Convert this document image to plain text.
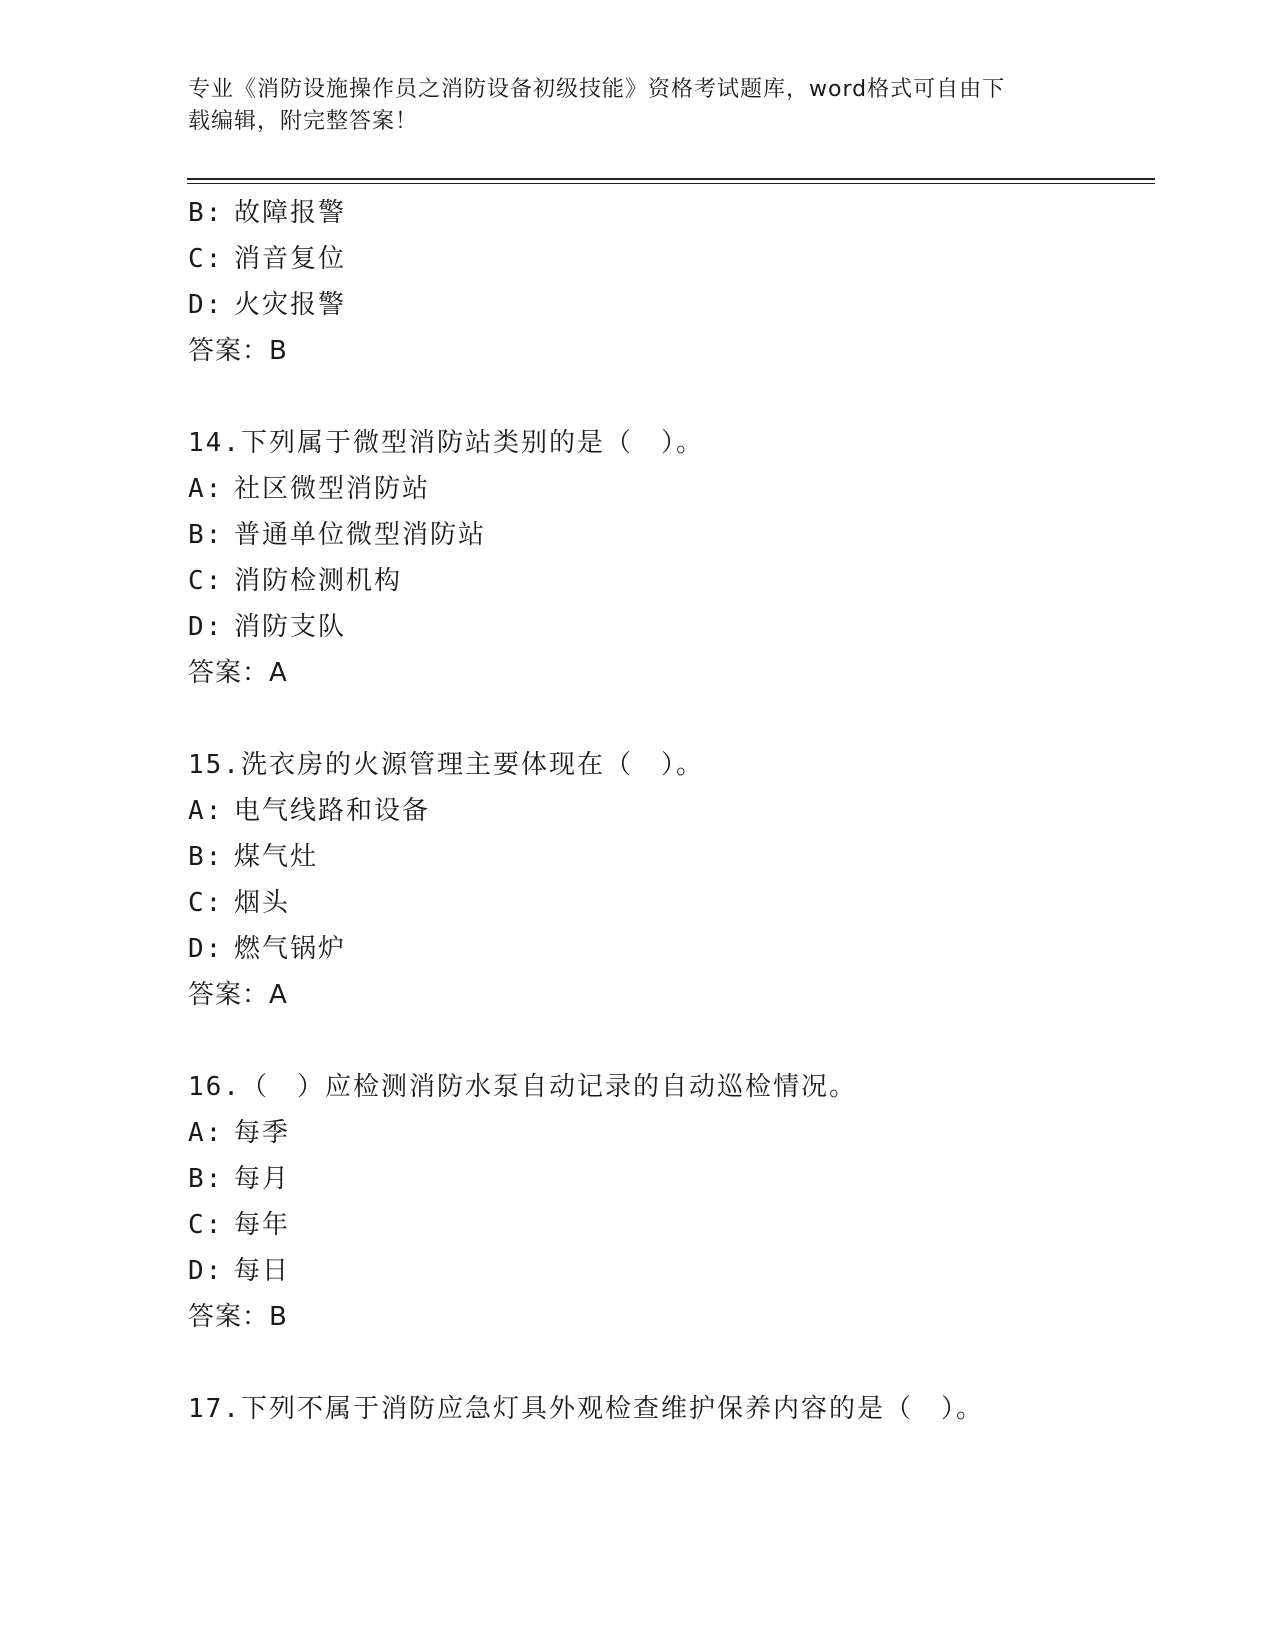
专业《消防设施操作员之消防设备初级技能》资格考试题库，word格式可自由下
载编辑，附完整答案！
B: 故障报警
C: 消音复位
D: 火灾报警
答案：B
14.下列属于微型消防站类别的是（　）。
A: 社区微型消防站
B: 普通单位微型消防站
C: 消防检测机构
D: 消防支队
答案：A
15.洗衣房的火源管理主要体现在（　）。
A: 电气线路和设备
B: 煤气灶
C: 烟头
D: 燃气锅炉
答案：A
16.（　）应检测消防水泵自动记录的自动巡检情况。
A: 每季
B: 每月
C: 每年
D: 每日
答案：B
17.下列不属于消防应急灯具外观检查维护保养内容的是（　）。
